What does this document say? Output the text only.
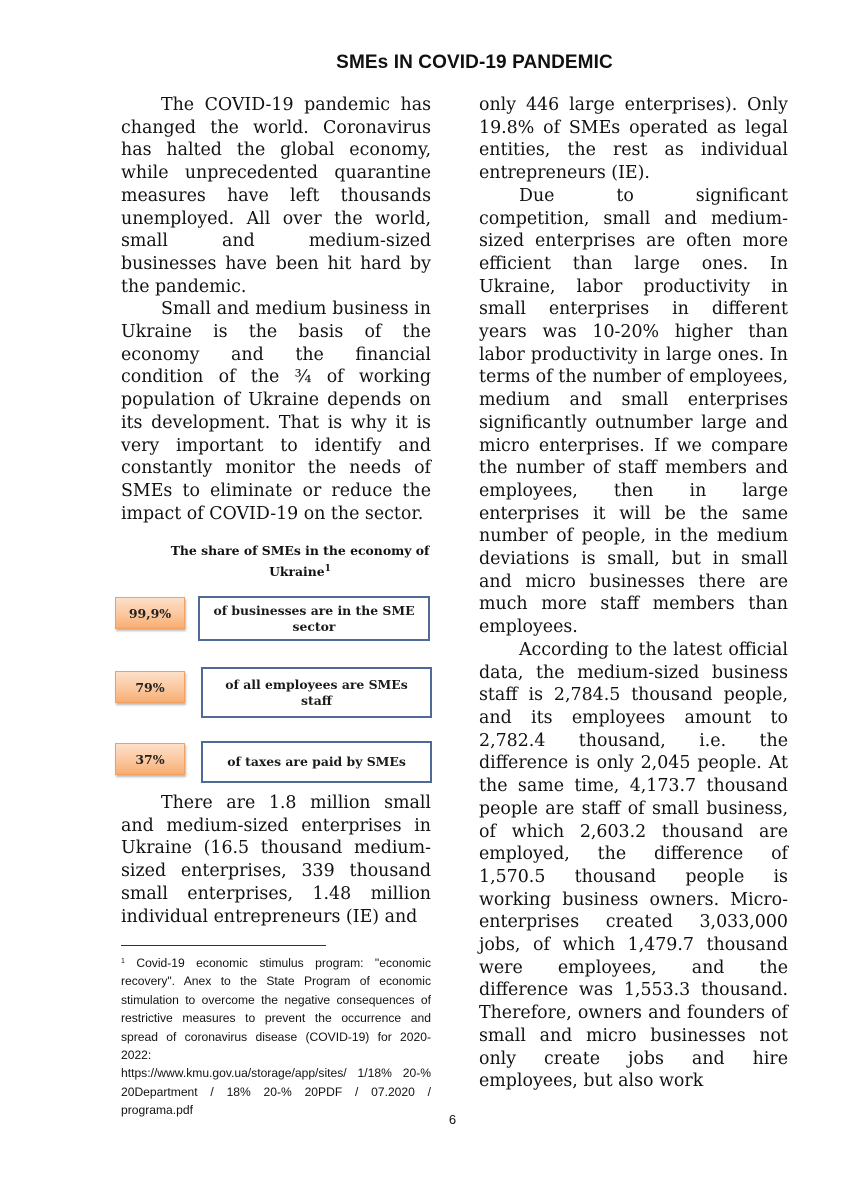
SMEs IN COVID-19 PANDEMIC

The COVID-19 pandemic has changed the world. Coronavirus has halted the global economy, while unprecedented quarantine measures have left thousands unemployed. All over the world, small and medium-sized businesses have been hit hard by the pandemic.

Small and medium business in Ukraine is the basis of the economy and the financial condition of the ¾ of working population of Ukraine depends on its development. That is why it is very important to identify and constantly monitor the needs of SMEs to eliminate or reduce the impact of COVID-19 on the sector.

The share of SMEs in the economy of Ukraine$^1$
99,9%	of businesses are in the SME sector
79%	of all employees are SMEs staff
37%	of taxes are paid by SMEs

There are 1.8 million small and medium-sized enterprises in Ukraine (16.5 thousand medium-sized enterprises, 339 thousand small enterprises, 1.48 million individual entrepreneurs (IE) and

only 446 large enterprises). Only 19.8% of SMEs operated as legal entities, the rest as individual entrepreneurs (IE).

Due to significant competition, small and medium-sized enterprises are often more efficient than large ones. In Ukraine, labor productivity in small enterprises in different years was 10-20% higher than labor productivity in large ones. In terms of the number of employees, medium and small enterprises significantly outnumber large and micro enterprises. If we compare the number of staff members and employees, then in large enterprises it will be the same number of people, in the medium deviations is small, but in small and micro businesses there are much more staff members than employees.

According to the latest official data, the medium-sized business staff is 2,784.5 thousand people, and its employees amount to 2,782.4 thousand, i.e. the difference is only 2,045 people. At the same time, 4,173.7 thousand people are staff of small business, of which 2,603.2 thousand are employed, the difference of 1,570.5 thousand people is working business owners. Micro-enterprises created 3,033,000 jobs, of which 1,479.7 thousand were employees, and the difference was 1,553.3 thousand. Therefore, owners and founders of small and micro businesses not only create jobs and hire employees, but also work

$^1$ Covid-19 economic stimulus program: "economic recovery". Anex to the State Program of economic stimulation to overcome the negative consequences of restrictive measures to prevent the occurrence and spread of coronavirus disease (COVID-19) for 2020-2022:
https://www.kmu.gov.ua/storage/app/sites/ 1/18% 20-% 20Department / 18% 20-% 20PDF / 07.2020 / programa.pdf
6
